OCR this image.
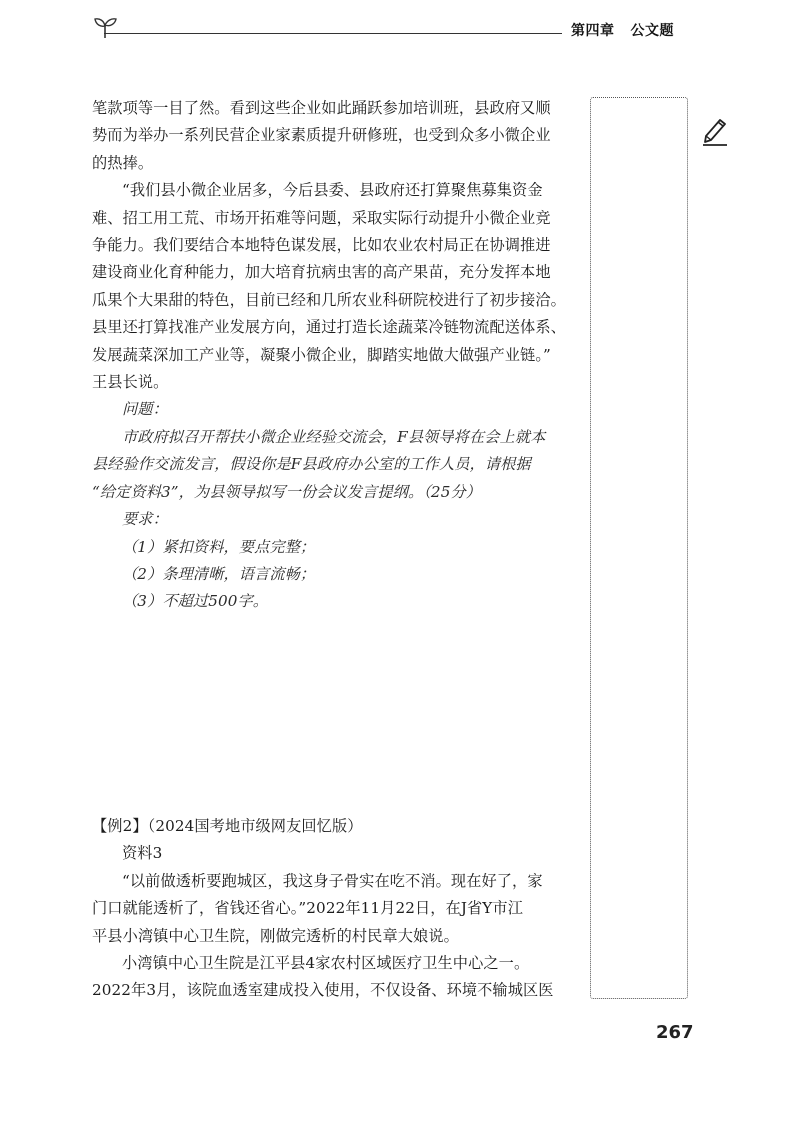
第四章 公文题
笔款项等一目了然。看到这些企业如此踊跃参加培训班，县政府又顺
势而为举办一系列民营企业家素质提升研修班，也受到众多小微企业
的热捧。
“我们县小微企业居多，今后县委、县政府还打算聚焦募集资金
难、招工用工荒、市场开拓难等问题，采取实际行动提升小微企业竞
争能力。我们要结合本地特色谋发展，比如农业农村局正在协调推进
建设商业化育种能力，加大培育抗病虫害的高产果苗，充分发挥本地
瓜果个大果甜的特色，目前已经和几所农业科研院校进行了初步接洽。
县里还打算找准产业发展方向，通过打造长途蔬菜冷链物流配送体系、
发展蔬菜深加工产业等，凝聚小微企业，脚踏实地做大做强产业链。”
王县长说。
问题：
市政府拟召开帮扶小微企业经验交流会，F县领导将在会上就本
县经验作交流发言，假设你是F县政府办公室的工作人员，请根据
“给定资料3”，为县领导拟写一份会议发言提纲。（25分）
要求：
（1）紧扣资料，要点完整；
（2）条理清晰，语言流畅；
（3）不超过500字。
【例2】（2024国考地市级网友回忆版）
资料3
“以前做透析要跑城区，我这身子骨实在吃不消。现在好了，家
门口就能透析了，省钱还省心。”2022年11月22日，在J省Y市江
平县小湾镇中心卫生院，刚做完透析的村民章大娘说。
小湾镇中心卫生院是江平县4家农村区域医疗卫生中心之一。
2022年3月，该院血透室建成投入使用，不仅设备、环境不输城区医
267
